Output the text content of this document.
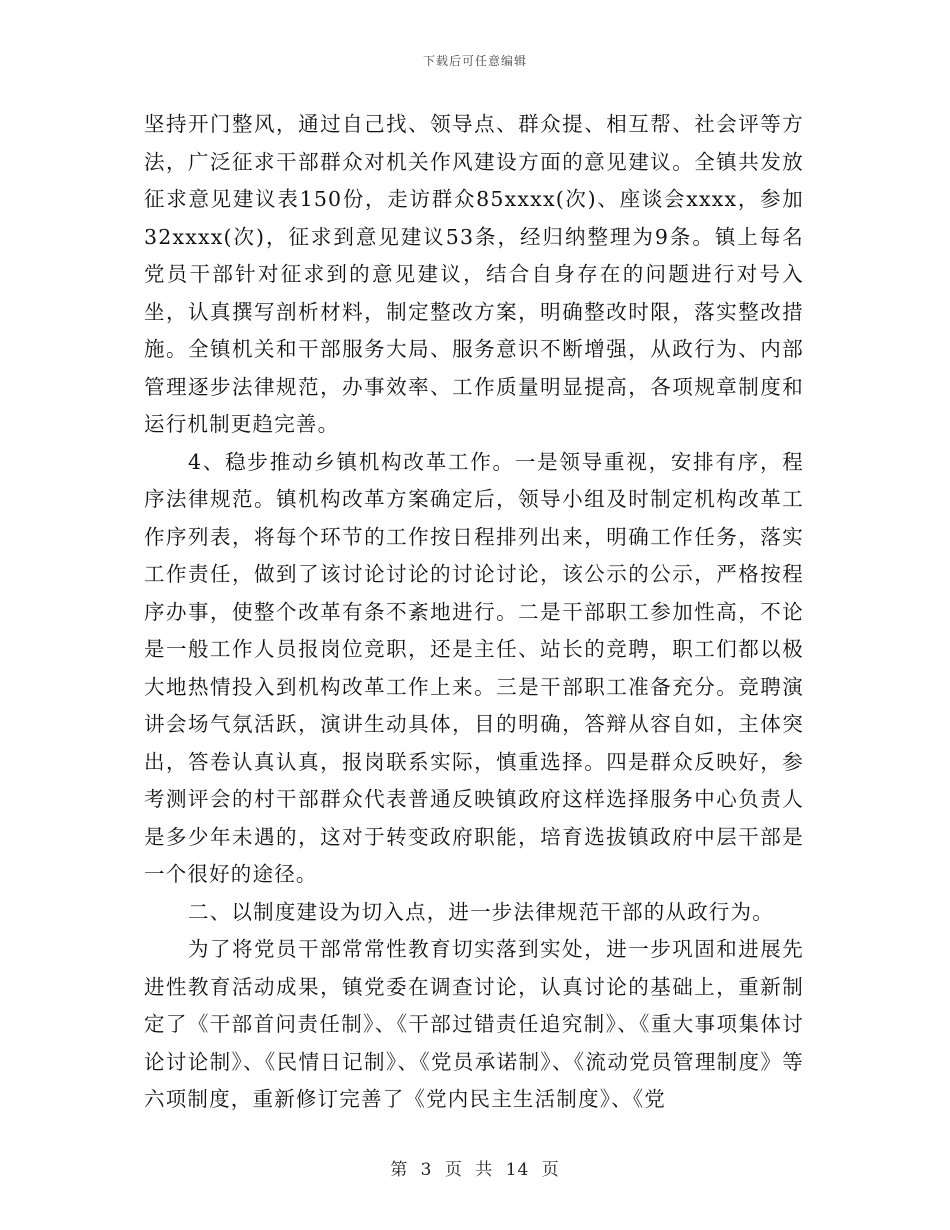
下载后可任意编辑

坚持开门整风，通过自己找、领导点、群众提、相互帮、社会评等方法，广泛征求干部群众对机关作风建设方面的意见建议。全镇共发放征求意见建议表150份，走访群众85xxxx(次)、座谈会xxxx，参加32xxxx(次)，征求到意见建议53条，经归纳整理为9条。镇上每名党员干部针对征求到的意见建议，结合自身存在的问题进行对号入坐，认真撰写剖析材料，制定整改方案，明确整改时限，落实整改措施。全镇机关和干部服务大局、服务意识不断增强，从政行为、内部管理逐步法律规范，办事效率、工作质量明显提高，各项规章制度和运行机制更趋完善。

4、稳步推动乡镇机构改革工作。一是领导重视，安排有序，程序法律规范。镇机构改革方案确定后，领导小组及时制定机构改革工作序列表，将每个环节的工作按日程排列出来，明确工作任务，落实工作责任，做到了该讨论讨论的讨论讨论，该公示的公示，严格按程序办事，使整个改革有条不紊地进行。二是干部职工参加性高，不论是一般工作人员报岗位竞职，还是主任、站长的竞聘，职工们都以极大地热情投入到机构改革工作上来。三是干部职工准备充分。竞聘演讲会场气氛活跃，演讲生动具体，目的明确，答辩从容自如，主体突出，答卷认真认真，报岗联系实际，慎重选择。四是群众反映好，参考测评会的村干部群众代表普通反映镇政府这样选择服务中心负责人是多少年未遇的，这对于转变政府职能，培育选拔镇政府中层干部是一个很好的途径。

二、以制度建设为切入点，进一步法律规范干部的从政行为。

为了将党员干部常常性教育切实落到实处，进一步巩固和进展先进性教育活动成果，镇党委在调查讨论，认真讨论的基础上，重新制定了《干部首问责任制》、《干部过错责任追究制》、《重大事项集体讨论讨论制》、《民情日记制》、《党员承诺制》、《流动党员管理制度》等六项制度，重新修订完善了《党内民主生活制度》、《党

第 3 页 共 14 页
